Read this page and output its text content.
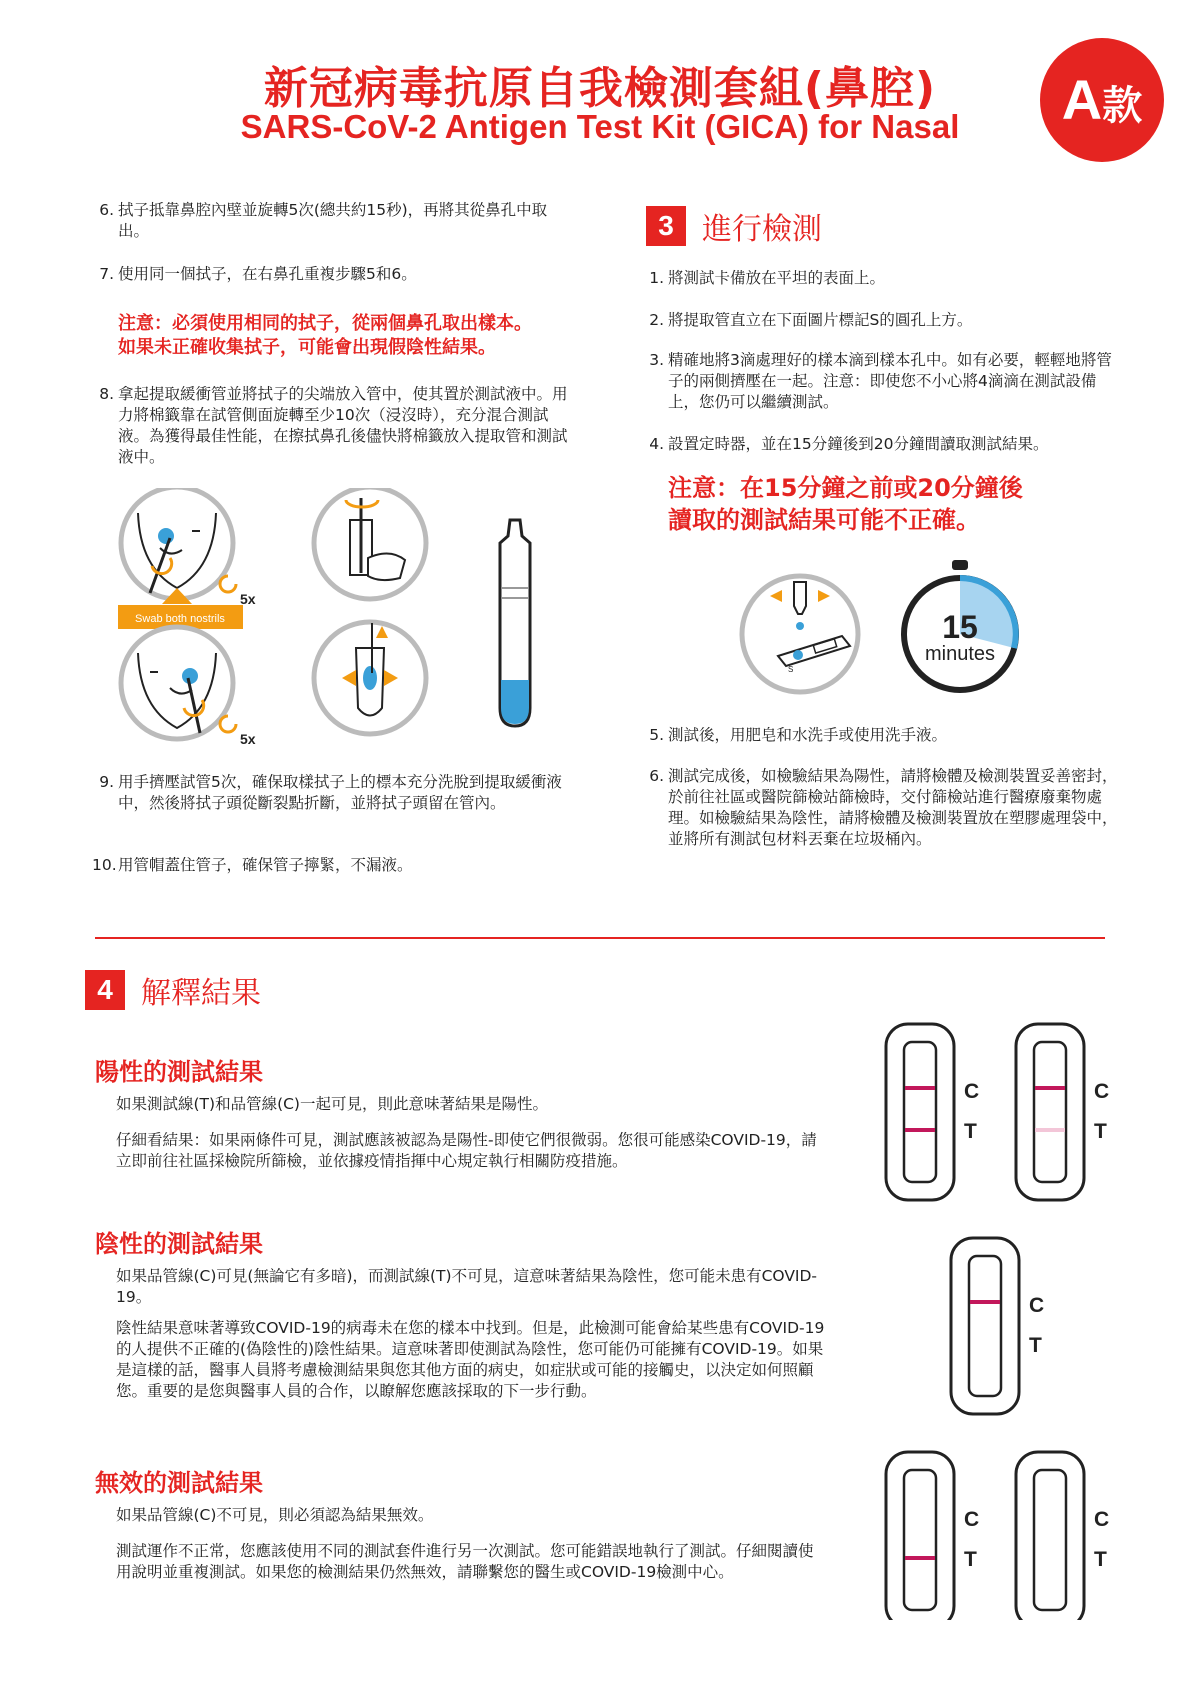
新冠病毒抗原自我檢測套組(鼻腔)
SARS-CoV-2 Antigen Test Kit (GICA) for Nasal	A款
6. 拭子抵靠鼻腔內壁並旋轉5次(總共約15秒)，再將其從鼻孔中取出。
7. 使用同一個拭子，在右鼻孔重複步驟5和6。
注意：必須使用相同的拭子，從兩個鼻孔取出樣本。
如果未正確收集拭子，可能會出現假陰性結果。
8. 拿起提取緩衝管並將拭子的尖端放入管中，使其置於測試液中。用力將棉籤靠在試管側面旋轉至少10次（浸沒時），充分混合測試液。為獲得最佳性能，在擦拭鼻孔後儘快將棉籤放入提取管和測試液中。
Swab both nostrils
5x
5x
9. 用手擠壓試管5次，確保取樣拭子上的標本充分洗脫到提取緩衝液中，然後將拭子頭從斷裂點折斷，並將拭子頭留在管內。
10. 用管帽蓋住管子，確保管子擰緊，不漏液。
3 進行檢測
1. 將測試卡備放在平坦的表面上。
2. 將提取管直立在下面圖片標記S的圓孔上方。
3. 精確地將3滴處理好的樣本滴到樣本孔中。如有必要，輕輕地將管子的兩側擠壓在一起。注意：即使您不小心將4滴滴在測試設備上，您仍可以繼續測試。
4. 設置定時器，並在15分鐘後到20分鐘間讀取測試結果。
注意：在15分鐘之前或20分鐘後
讀取的測試結果可能不正確。
S
15
minutes
5. 測試後，用肥皂和水洗手或使用洗手液。
6. 測試完成後，如檢驗結果為陽性，請將檢體及檢測裝置妥善密封，於前往社區或醫院篩檢站篩檢時，交付篩檢站進行醫療廢棄物處理。如檢驗結果為陰性，請將檢體及檢測裝置放在塑膠處理袋中，並將所有測試包材料丟棄在垃圾桶內。
4 解釋結果
陽性的測試結果
如果測試線(T)和品管線(C)一起可見，則此意味著結果是陽性。
仔細看結果：如果兩條件可見，測試應該被認為是陽性-即使它們很微弱。您很可能感染COVID-19，請立即前往社區採檢院所篩檢，並依據疫情指揮中心規定執行相關防疫措施。
陰性的測試結果
如果品管線(C)可見(無論它有多暗)，而測試線(T)不可見，這意味著結果為陰性，您可能未患有COVID-19。
陰性結果意味著導致COVID-19的病毒未在您的樣本中找到。但是，此檢測可能會給某些患有COVID-19的人提供不正確的(偽陰性的)陰性結果。這意味著即使測試為陰性，您可能仍可能擁有COVID-19。如果是這樣的話，醫事人員將考慮檢測結果與您其他方面的病史，如症狀或可能的接觸史，以決定如何照顧您。重要的是您與醫事人員的合作，以瞭解您應該採取的下一步行動。
無效的測試結果
如果品管線(C)不可見，則必須認為結果無效。
測試運作不正常，您應該使用不同的測試套件進行另一次測試。您可能錯誤地執行了測試。仔細閱讀使用說明並重複測試。如果您的檢測結果仍然無效，請聯繫您的醫生或COVID-19檢測中心。
C
T
C
T
C
T
C
T
C
T
